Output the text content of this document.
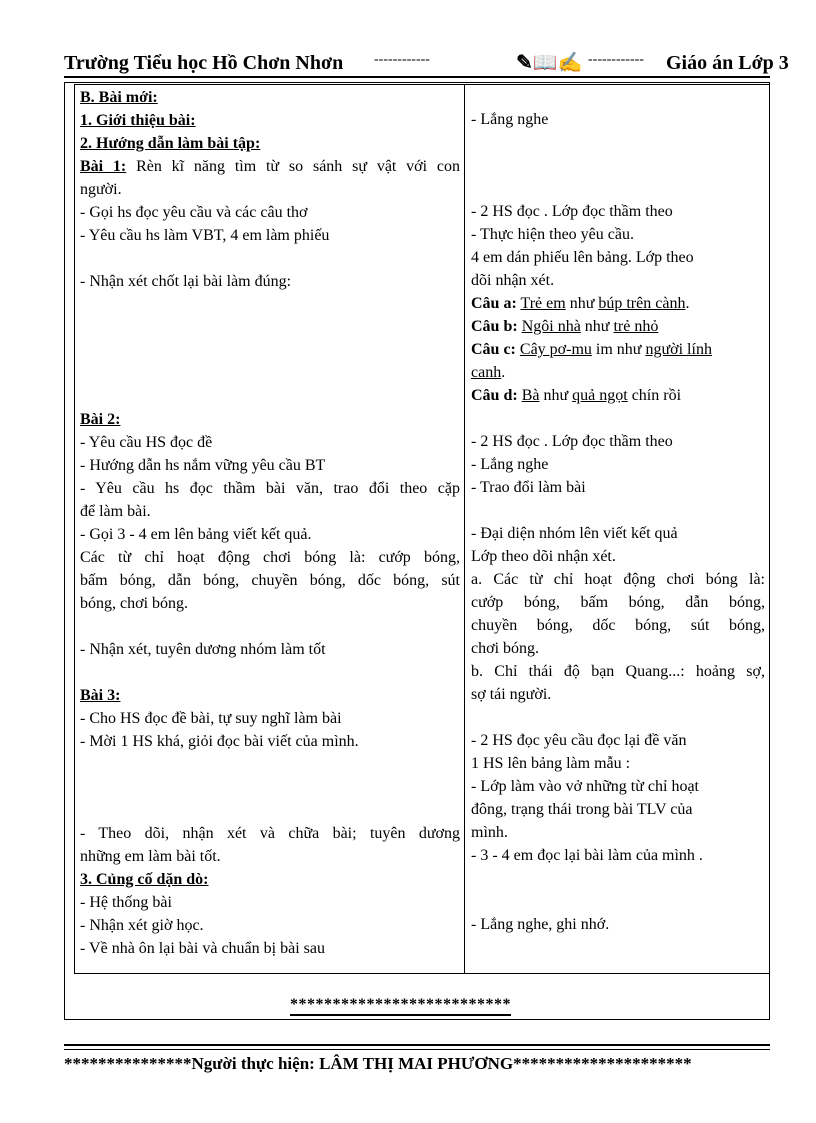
Trường Tiểu học Hồ Chơn Nhơn ------------	✎📖✍ ------------ Giáo án Lớp 3
B. Bài mới:
1. Giới thiệu bài:
2. Hướng dẫn làm bài tập:
Bài 1: Rèn kĩ năng tìm từ so sánh sự vật với con
người.
- Gọi hs đọc yêu cầu và các câu thơ
- Yêu cầu hs làm VBT, 4 em làm phiếu
- Nhận xét chốt lại bài làm đúng:
Bài 2:
- Yêu cầu HS đọc đề
- Hướng dẫn hs nắm vững yêu cầu BT
- Yêu cầu hs đọc thầm bài văn, trao đổi theo cặp
để làm bài.
- Gọi 3 - 4 em lên bảng viết kết quả.
Các từ chỉ hoạt động chơi bóng là: cướp bóng,
bấm bóng, dẫn bóng, chuyền bóng, dốc bóng, sút
bóng, chơi bóng.
- Nhận xét, tuyên dương nhóm làm tốt
Bài 3:
- Cho HS đọc đề bài, tự suy nghĩ làm bài
- Mời 1 HS khá, giỏi đọc bài viết của mình.
- Theo dõi, nhận xét và chữa bài; tuyên dương
những em làm bài tốt.
3. Củng cố dặn dò:
- Hệ thống bài
- Nhận xét giờ học.
- Về nhà ôn lại bài và chuẩn bị bài sau
- Lắng nghe
- 2 HS đọc . Lớp đọc thầm theo
- Thực hiện theo yêu cầu.
4 em dán phiếu lên bảng. Lớp theo
dõi nhận xét.
Câu a: Trẻ em như búp trên cành.
Câu b: Ngôi nhà như trẻ nhỏ
Câu c: Cây pơ-mu im như người lính
canh.
Câu d: Bà như quả ngọt chín rồi
- 2 HS đọc . Lớp đọc thầm theo
- Lắng nghe
- Trao đổi làm bài
- Đại diện nhóm lên viết kết quả
Lớp theo dõi nhận xét.
a. Các từ chỉ hoạt động chơi bóng là:
cướp bóng, bấm bóng, dẫn bóng,
chuyền bóng, dốc bóng, sút bóng,
chơi bóng.
b. Chỉ thái độ bạn Quang...: hoảng sợ,
sợ tái người.
- 2 HS đọc yêu cầu đọc lại đề văn
1 HS lên bảng làm mẫu :
- Lớp làm vào vở những từ chỉ hoạt
đông, trạng thái trong bài TLV của
mình.
- 3 - 4 em đọc lại bài làm của mình .
- Lắng nghe, ghi nhớ.
**************************
***************Người thực hiện: LÂM THỊ MAI PHƯƠNG*********************
